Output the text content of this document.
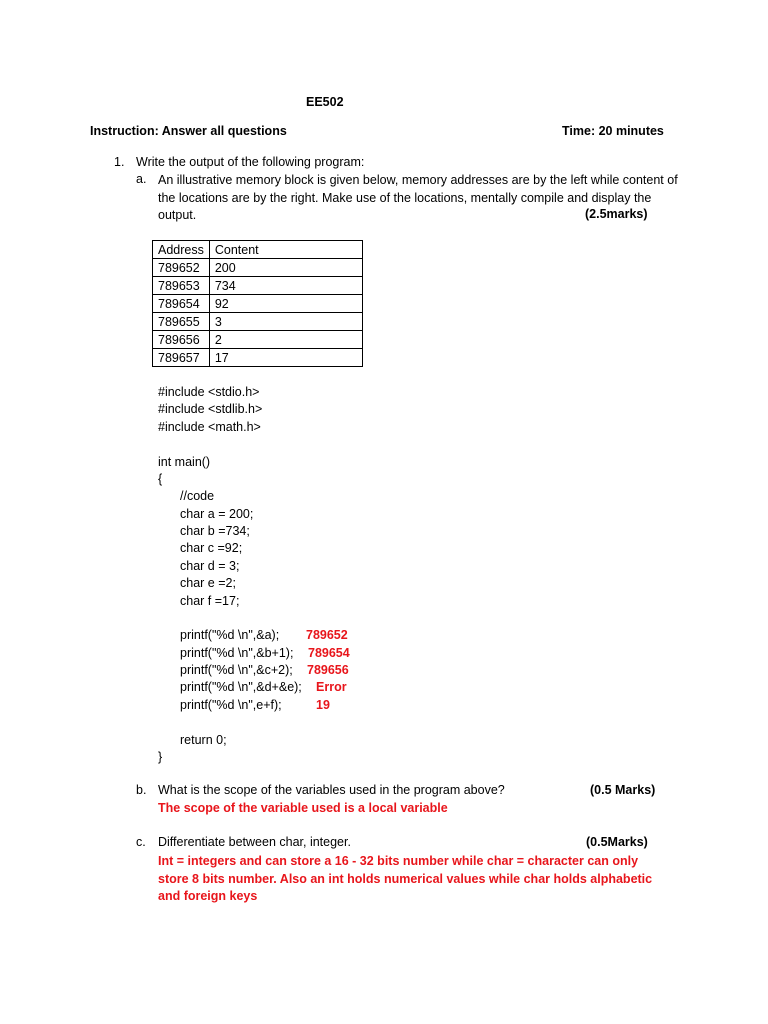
EE502
Instruction: Answer all questions	Time: 20 minutes
1. Write the output of the following program:
a. An illustrative memory block is given below, memory addresses are by the left while content of the locations are by the right. Make use of the locations, mentally compile and display the output.	(2.5marks)
Address	Content
789652	200
789653	734
789654	92
789655	3
789656	2
789657	17
#include <stdio.h>
#include <stdlib.h>
#include <math.h>
int main()
{
//code
char a = 200;
char b =734;
char c =92;
char d = 3;
char e =2;
char f =17;
printf("%d \n",&a); 789652
printf("%d \n",&b+1); 789654
printf("%d \n",&c+2); 789656
printf("%d \n",&d+&e); Error
printf("%d \n",e+f);	19
return 0;
}
b. What is the scope of the variables used in the program above?	(0.5 Marks)
The scope of the variable used is a local variable
c. Differentiate between char, integer.	(0.5Marks)
Int = integers and can store a 16 - 32 bits number while char = character can only store 8 bits number. Also an int holds numerical values while char holds alphabetic and foreign keys
